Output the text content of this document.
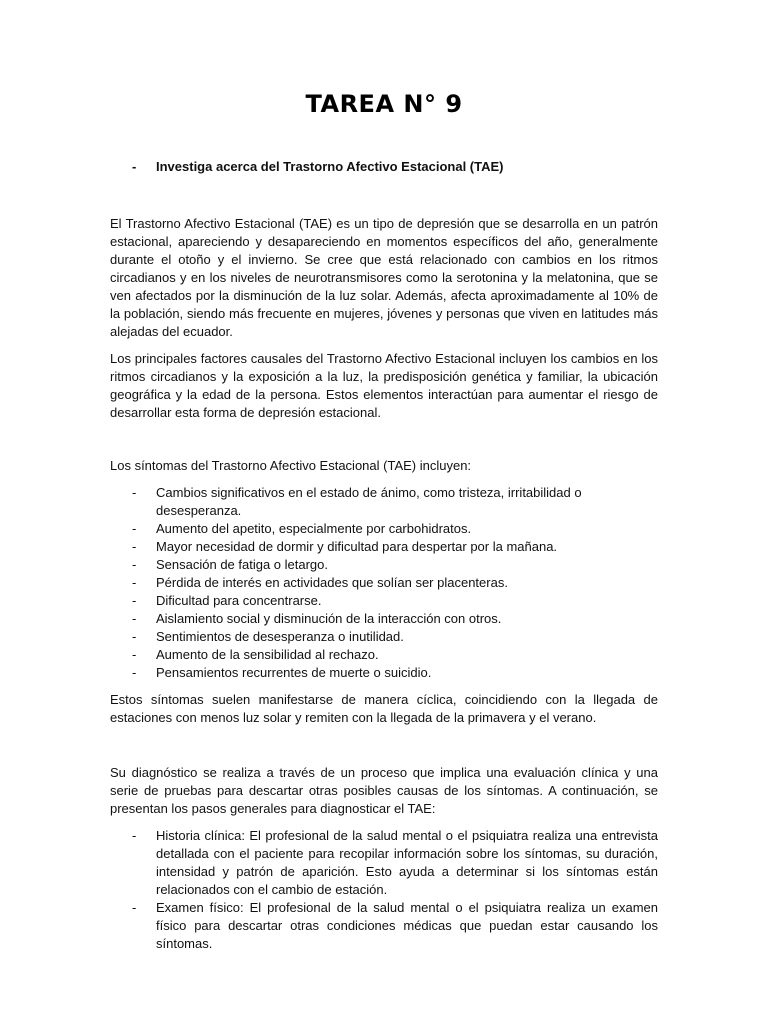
TAREA N° 9
- Investiga acerca del Trastorno Afectivo Estacional (TAE)

El Trastorno Afectivo Estacional (TAE) es un tipo de depresión que se desarrolla en un patrón estacional, apareciendo y desapareciendo en momentos específicos del año, generalmente durante el otoño y el invierno. Se cree que está relacionado con cambios en los ritmos circadianos y en los niveles de neurotransmisores como la serotonina y la melatonina, que se ven afectados por la disminución de la luz solar. Además, afecta aproximadamente al 10% de la población, siendo más frecuente en mujeres, jóvenes y personas que viven en latitudes más alejadas del ecuador.

Los principales factores causales del Trastorno Afectivo Estacional incluyen los cambios en los ritmos circadianos y la exposición a la luz, la predisposición genética y familiar, la ubicación geográfica y la edad de la persona. Estos elementos interactúan para aumentar el riesgo de desarrollar esta forma de depresión estacional.

Los síntomas del Trastorno Afectivo Estacional (TAE) incluyen:

- Cambios significativos en el estado de ánimo, como tristeza, irritabilidad o desesperanza.
- Aumento del apetito, especialmente por carbohidratos.
- Mayor necesidad de dormir y dificultad para despertar por la mañana.
- Sensación de fatiga o letargo.
- Pérdida de interés en actividades que solían ser placenteras.
- Dificultad para concentrarse.
- Aislamiento social y disminución de la interacción con otros.
- Sentimientos de desesperanza o inutilidad.
- Aumento de la sensibilidad al rechazo.
- Pensamientos recurrentes de muerte o suicidio.

Estos síntomas suelen manifestarse de manera cíclica, coincidiendo con la llegada de estaciones con menos luz solar y remiten con la llegada de la primavera y el verano.

Su diagnóstico se realiza a través de un proceso que implica una evaluación clínica y una serie de pruebas para descartar otras posibles causas de los síntomas. A continuación, se presentan los pasos generales para diagnosticar el TAE:

- Historia clínica: El profesional de la salud mental o el psiquiatra realiza una entrevista detallada con el paciente para recopilar información sobre los síntomas, su duración, intensidad y patrón de aparición. Esto ayuda a determinar si los síntomas están relacionados con el cambio de estación.
- Examen físico: El profesional de la salud mental o el psiquiatra realiza un examen físico para descartar otras condiciones médicas que puedan estar causando los síntomas.
